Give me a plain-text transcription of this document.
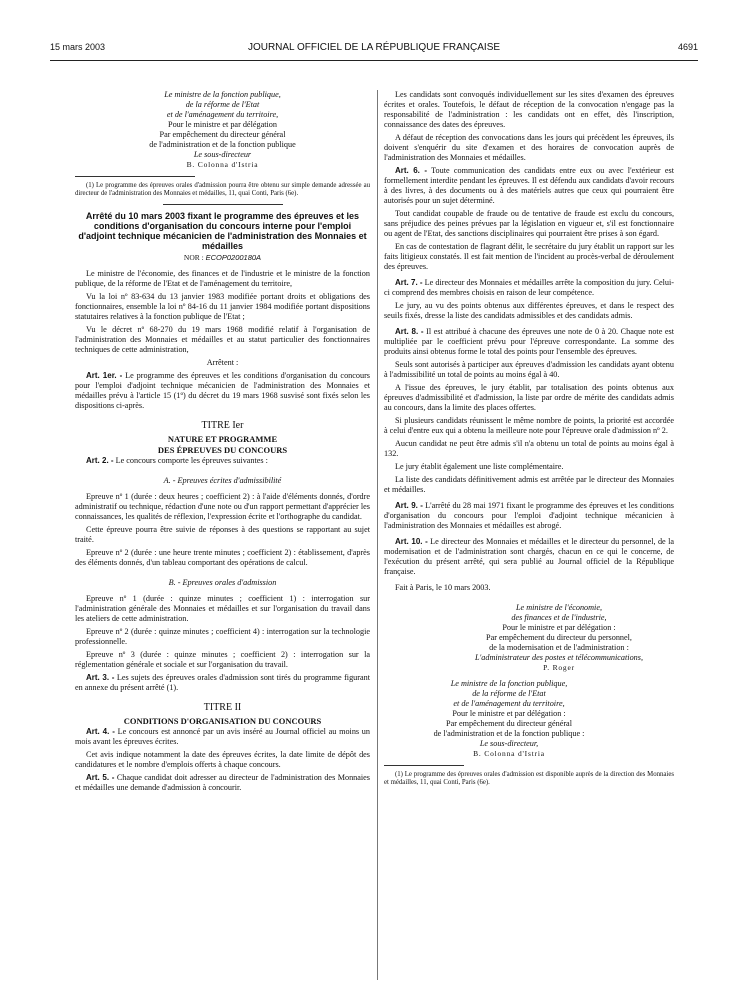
15 mars 2003	JOURNAL OFFICIEL DE LA RÉPUBLIQUE FRANÇAISE	4691

Le ministre de la fonction publique,

de la réforme de l'Etat

et de l'aménagement du territoire,

Pour le ministre et par délégation

Par empêchement du directeur général

de l'administration et de la fonction publique

Le sous-directeur

B. Colonna d'Istria

(1) Le programme des épreuves orales d'admission pourra être obtenu sur simple demande adressée au directeur de l'administration des Monnaies et médailles, 11, quai Conti, Paris (6e).

Arrêté du 10 mars 2003 fixant le programme des épreuves et les conditions d'organisation du concours interne pour l'emploi d'adjoint technique mécanicien de l'administration des Monnaies et médailles

NOR : ECOP0200180A

Le ministre de l'économie, des finances et de l'industrie et le ministre de la fonction publique, de la réforme de l'Etat et de l'aménagement du territoire,

Vu la loi nº 83-634 du 13 janvier 1983 modifiée portant droits et obligations des fonctionnaires, ensemble la loi nº 84-16 du 11 janvier 1984 modifiée portant dispositions statutaires relatives à la fonction publique de l'Etat ;

Vu le décret nº 68-270 du 19 mars 1968 modifié relatif à l'organisation de l'administration des Monnaies et médailles et au statut particulier des fonctionnaires techniques de cette administration,

Arrêtent :

Art. 1er. - Le programme des épreuves et les conditions d'organisation du concours pour l'emploi d'adjoint technique mécanicien de l'administration des Monnaies et médailles prévu à l'article 15 (1º) du décret du 19 mars 1968 susvisé sont fixés selon les dispositions ci-après.

TITRE Ier

NATURE ET PROGRAMME

DES ÉPREUVES DU CONCOURS

Art. 2. - Le concours comporte les épreuves suivantes :

A. - Epreuves écrites d'admissibilité

Epreuve nº 1 (durée : deux heures ; coefficient 2) : à l'aide d'éléments donnés, d'ordre administratif ou technique, rédaction d'une note ou d'un rapport permettant d'apprécier les connaissances, les qualités de réflexion, l'expression écrite et l'orthographe du candidat.

Cette épreuve pourra être suivie de réponses à des questions se rapportant au sujet traité.

Epreuve nº 2 (durée : une heure trente minutes ; coefficient 2) : établissement, d'après des éléments donnés, d'un tableau comportant des opérations de calcul.

B. - Epreuves orales d'admission

Epreuve nº 1 (durée : quinze minutes ; coefficient 1) : interrogation sur l'administration générale des Monnaies et médailles et sur l'organisation du travail dans les ateliers de cette administration.

Epreuve nº 2 (durée : quinze minutes ; coefficient 4) : interrogation sur la technologie professionnelle.

Epreuve nº 3 (durée : quinze minutes ; coefficient 2) : interrogation sur la réglementation générale et sociale et sur l'organisation du travail.

Art. 3. - Les sujets des épreuves orales d'admission sont tirés du programme figurant en annexe du présent arrêté (1).

TITRE II

CONDITIONS D'ORGANISATION DU CONCOURS

Art. 4. - Le concours est annoncé par un avis inséré au Journal officiel au moins un mois avant les épreuves écrites.

Cet avis indique notamment la date des épreuves écrites, la date limite de dépôt des candidatures et le nombre d'emplois offerts à chaque concours.

Art. 5. - Chaque candidat doit adresser au directeur de l'administration des Monnaies et médailles une demande d'admission à concourir.

Les candidats sont convoqués individuellement sur les sites d'examen des épreuves écrites et orales. Toutefois, le défaut de réception de la convocation n'engage pas la responsabilité de l'administration : les candidats ont en effet, dès l'inscription, connaissance des dates des épreuves.

A défaut de réception des convocations dans les jours qui précèdent les épreuves, ils doivent s'enquérir du site d'examen et des horaires de convocation auprès de l'administration des Monnaies et médailles.

Art. 6. - Toute communication des candidats entre eux ou avec l'extérieur est formellement interdite pendant les épreuves. Il est défendu aux candidats d'avoir recours à des livres, à des documents ou à des matériels autres que ceux qui pourraient être autorisés pour un sujet déterminé.

Tout candidat coupable de fraude ou de tentative de fraude est exclu du concours, sans préjudice des peines prévues par la législation en vigueur et, s'il est fonctionnaire ou agent de l'Etat, des sanctions disciplinaires qui pourraient être prises à son égard.

En cas de contestation de flagrant délit, le secrétaire du jury établit un rapport sur les faits litigieux constatés. Il est fait mention de l'incident au procès-verbal de déroulement des épreuves.

Art. 7. - Le directeur des Monnaies et médailles arrête la composition du jury. Celui-ci comprend des membres choisis en raison de leur compétence.

Le jury, au vu des points obtenus aux différentes épreuves, et dans le respect des seuils fixés, dresse la liste des candidats admissibles et des candidats admis.

Art. 8. - Il est attribué à chacune des épreuves une note de 0 à 20. Chaque note est multipliée par le coefficient prévu pour l'épreuve correspondante. La somme des produits ainsi obtenus forme le total des points pour l'ensemble des épreuves.

Seuls sont autorisés à participer aux épreuves d'admission les candidats ayant obtenu à l'admissibilité un total de points au moins égal à 40.

A l'issue des épreuves, le jury établit, par totalisation des points obtenus aux épreuves d'admissibilité et d'admission, la liste par ordre de mérite des candidats admis au concours, dans la limite des places offertes.

Si plusieurs candidats réunissent le même nombre de points, la priorité est accordée à celui d'entre eux qui a obtenu la meilleure note pour l'épreuve orale d'admission nº 2.

Aucun candidat ne peut être admis s'il n'a obtenu un total de points au moins égal à 132.

Le jury établit également une liste complémentaire.

La liste des candidats définitivement admis est arrêtée par le directeur des Monnaies et médailles.

Art. 9. - L'arrêté du 28 mai 1971 fixant le programme des épreuves et les conditions d'organisation du concours pour l'emploi d'adjoint technique mécanicien à l'administration des Monnaies et médailles est abrogé.

Art. 10. - Le directeur des Monnaies et médailles et le directeur du personnel, de la modernisation et de l'administration sont chargés, chacun en ce qui le concerne, de l'exécution du présent arrêté, qui sera publié au Journal officiel de la République française.

Fait à Paris, le 10 mars 2003.

Le ministre de l'économie,

des finances et de l'industrie,

Pour le ministre et par délégation :

Par empêchement du directeur du personnel,

de la modernisation et de l'administration :

L'administrateur des postes et télécommunications,

P. Roger

Le ministre de la fonction publique,

de la réforme de l'Etat

et de l'aménagement du territoire,

Pour le ministre et par délégation :

Par empêchement du directeur général

de l'administration et de la fonction publique :

Le sous-directeur,

B. Colonna d'Istria

(1) Le programme des épreuves orales d'admission est disponible auprès de la direction des Monnaies et médailles, 11, quai Conti, Paris (6e).
